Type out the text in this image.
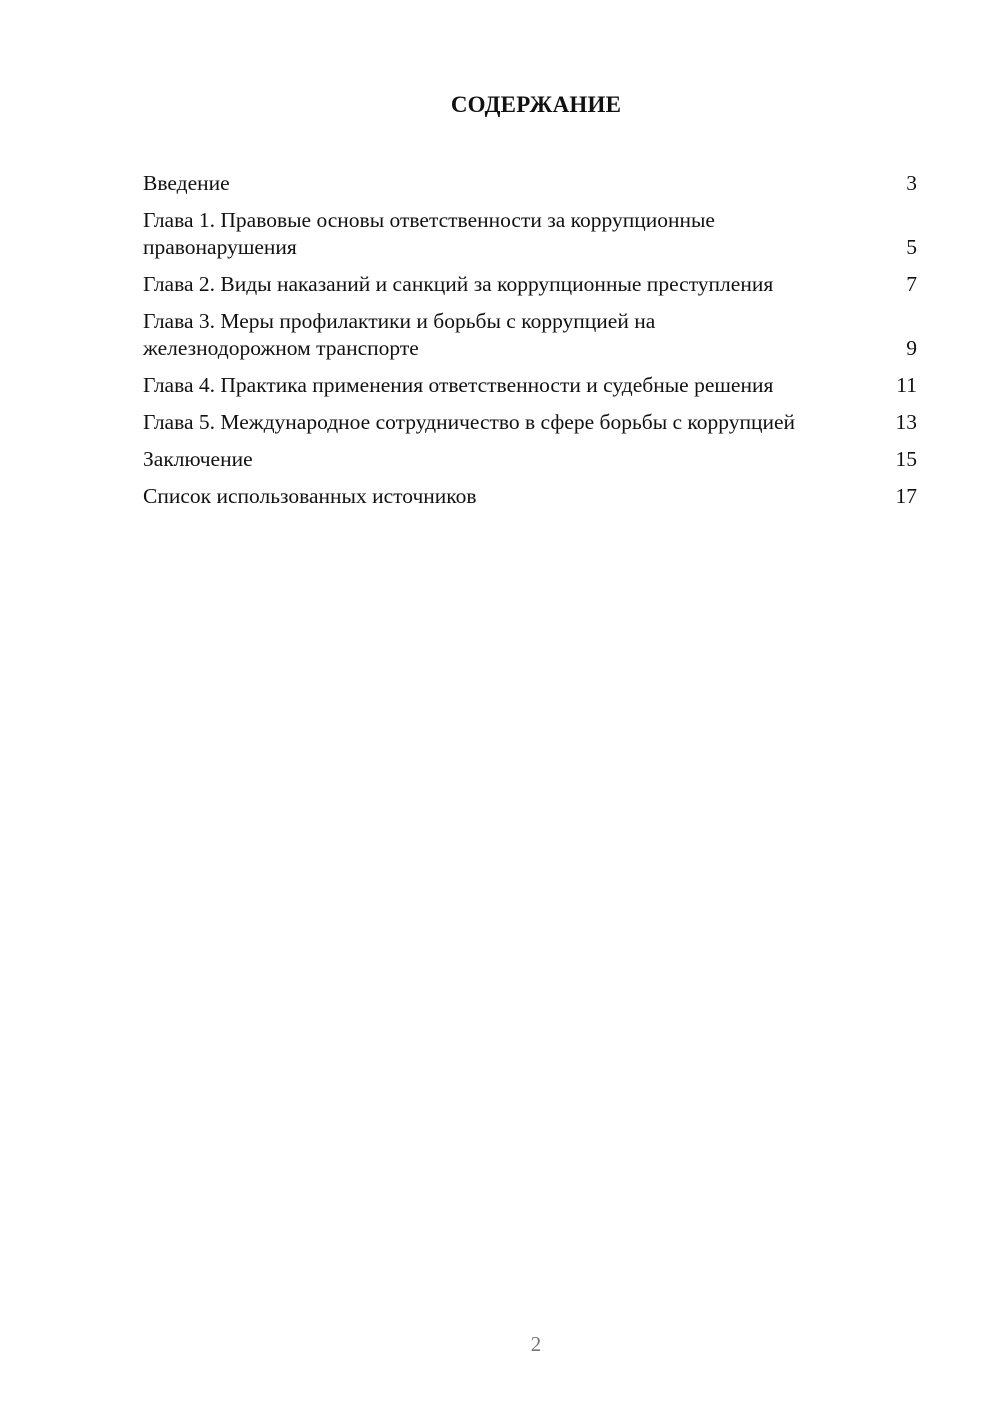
СОДЕРЖАНИЕ
Введение	3
Глава 1. Правовые основы ответственности за коррупционные правонарушения	5
Глава 2. Виды наказаний и санкций за коррупционные преступления	7
Глава 3. Меры профилактики и борьбы с коррупцией на железнодорожном транспорте	9
Глава 4. Практика применения ответственности и судебные решения	11
Глава 5. Международное сотрудничество в сфере борьбы с коррупцией	13
Заключение	15
Список использованных источников	17
2
